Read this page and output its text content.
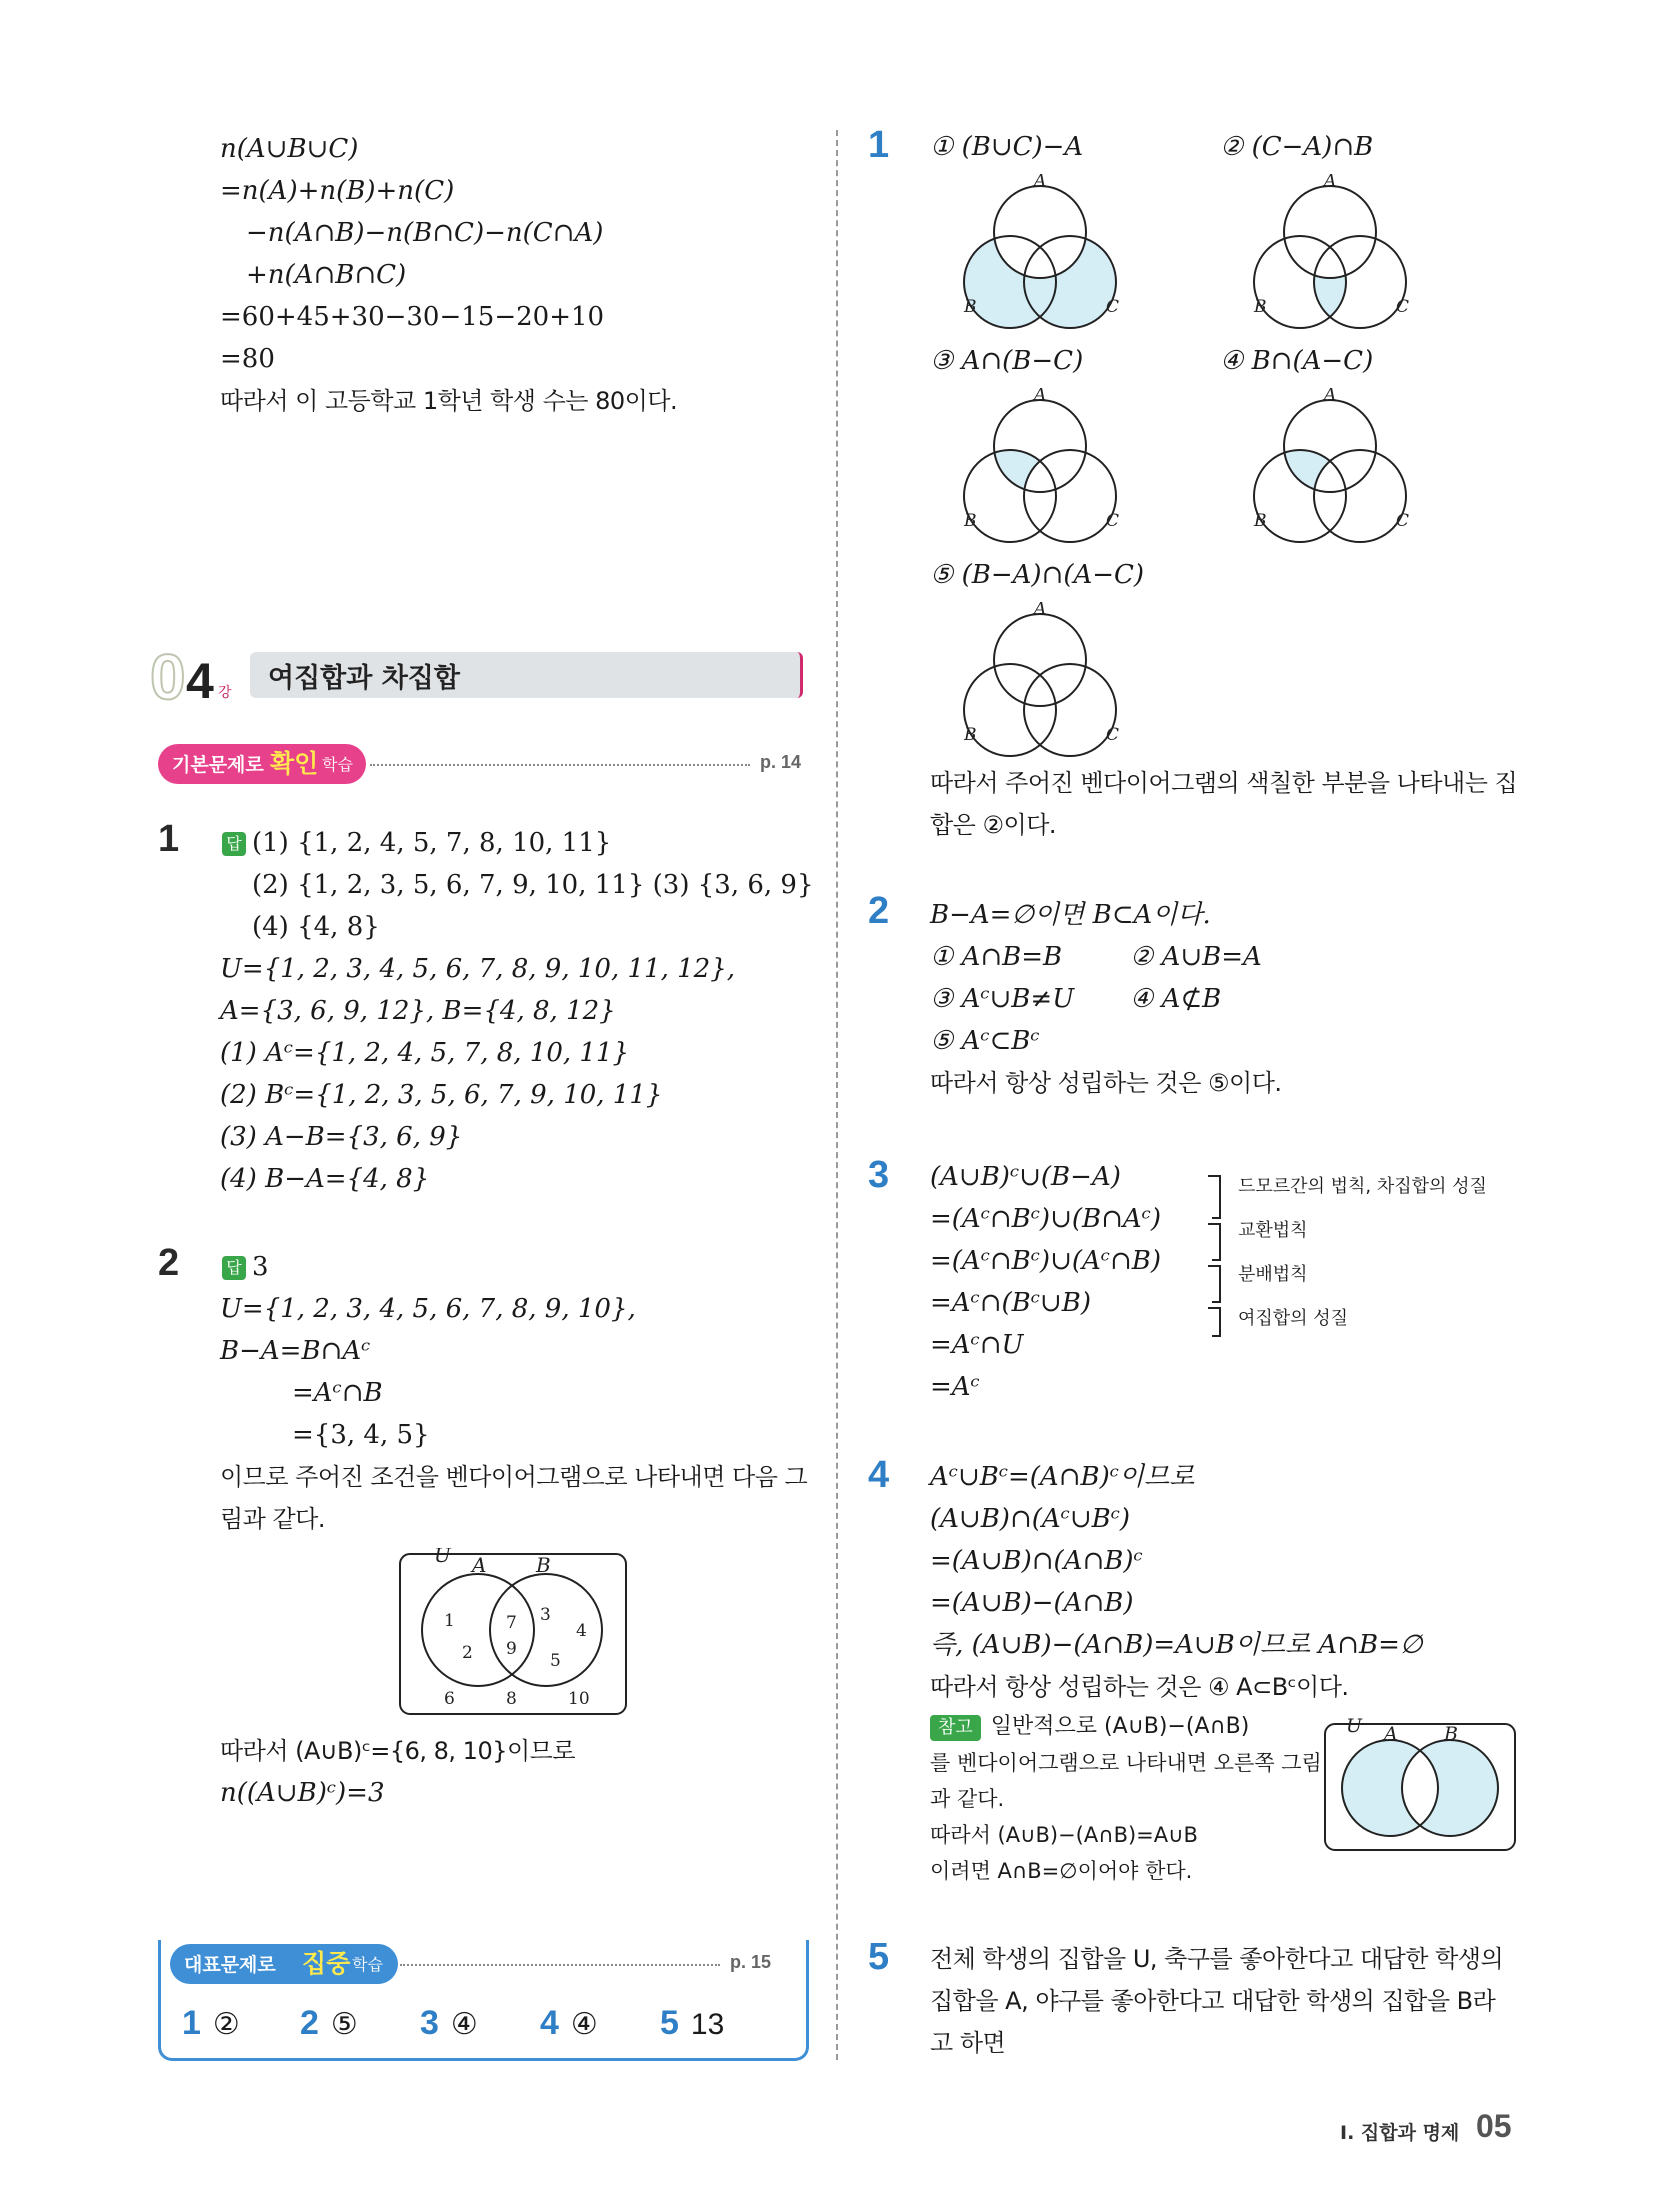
n(A∪B∪C)
=n(A)+n(B)+n(C)
−n(A∩B)−n(B∩C)−n(C∩A)
+n(A∩B∩C)
=60+45+30−30−15−20+10
=80
따라서 이 고등학교 1학년 학생 수는 80이다.
0 4 강 여집합과 차집합
기본문제로 확인 학습	p. 14
1	답 (1) {1, 2, 4, 5, 7, 8, 10, 11}
(2) {1, 2, 3, 5, 6, 7, 9, 10, 11} (3) {3, 6, 9}
(4) {4, 8}
U={1, 2, 3, 4, 5, 6, 7, 8, 9, 10, 11, 12},
A={3, 6, 9, 12}, B={4, 8, 12}
(1) Aᶜ={1, 2, 4, 5, 7, 8, 10, 11}
(2) Bᶜ={1, 2, 3, 5, 6, 7, 9, 10, 11}
(3) A−B={3, 6, 9}
(4) B−A={4, 8}
2	답 3
U={1, 2, 3, 4, 5, 6, 7, 8, 9, 10},
B−A=B∩Aᶜ
=Aᶜ∩B
={3, 4, 5}
이므로 주어진 조건을 벤다이어그램으로 나타내면 다음 그
림과 같다.
U A B
1
2
7
9
3
4
5
6	8	10
따라서 (A∪B)ᶜ={6, 8, 10}이므로
n((A∪B)ᶜ)=3
대표문제로 집중 학습	p. 15
1 ② 2 ⑤ 3 ④ 4 ④ 5 13
1 ① (B∪C)−A	② (C−A)∩B
③ A∩(B−C)	④ B∩(A−C)
⑤ (B−A)∩(A−C)
A
B	C
A
B	C
A
B	C
A
B	C
A
B	C
따라서 주어진 벤다이어그램의 색칠한 부분을 나타내는 집
합은 ②이다.
2 B−A=∅이면 B⊂A이다.
① A∩B=B	② A∪B=A
③ Aᶜ∪B≠U ④ A⊄B
⑤ Aᶜ⊂Bᶜ
따라서 항상 성립하는 것은 ⑤이다.
3 (A∪B)ᶜ∪(B−A)
=(Aᶜ∩Bᶜ)∪(B∩Aᶜ)
=(Aᶜ∩Bᶜ)∪(Aᶜ∩B)
=Aᶜ∩(Bᶜ∪B)
=Aᶜ∩U
=Aᶜ
드모르간의 법칙, 차집합의 성질
교환법칙
분배법칙
여집합의 성질
4 Aᶜ∪Bᶜ=(A∩B)ᶜ이므로
(A∪B)∩(Aᶜ∪Bᶜ)
=(A∪B)∩(A∩B)ᶜ
=(A∪B)−(A∩B)
즉, (A∪B)−(A∩B)=A∪B이므로 A∩B=∅
따라서 항상 성립하는 것은 ④ A⊂Bᶜ이다.
참고 일반적으로 (A∪B)−(A∩B)
를 벤다이어그램으로 나타내면 오른쪽 그림
과 같다.
따라서 (A∪B)−(A∩B)=A∪B
이려면 A∩B=∅이어야 한다.
U A B
5 전체 학생의 집합을 U, 축구를 좋아한다고 대답한 학생의
집합을 A, 야구를 좋아한다고 대답한 학생의 집합을 B라
고 하면
Ⅰ. 집합과 명제 05
